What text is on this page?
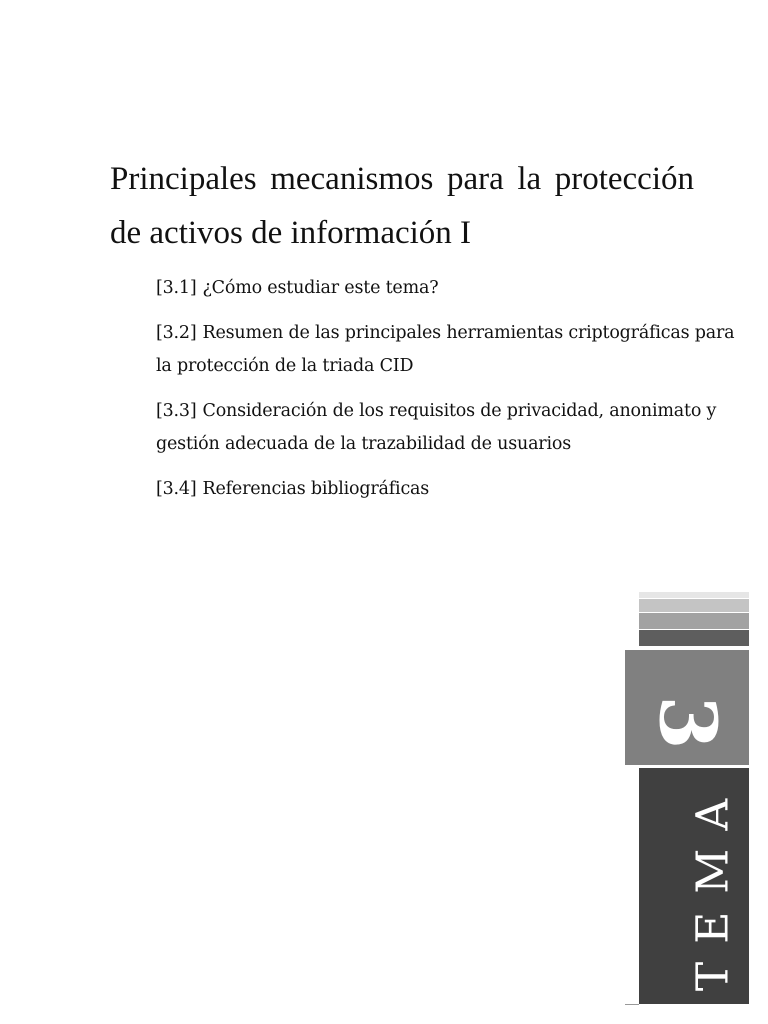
Principales mecanismos para la protección de activos de información I
[3.1] ¿Cómo estudiar este tema?
[3.2] Resumen de las principales herramientas criptográficas para la protección de la triada CID
[3.3] Consideración de los requisitos de privacidad, anonimato y gestión adecuada de la trazabilidad de usuarios
[3.4] Referencias bibliográficas
3
TEMA
